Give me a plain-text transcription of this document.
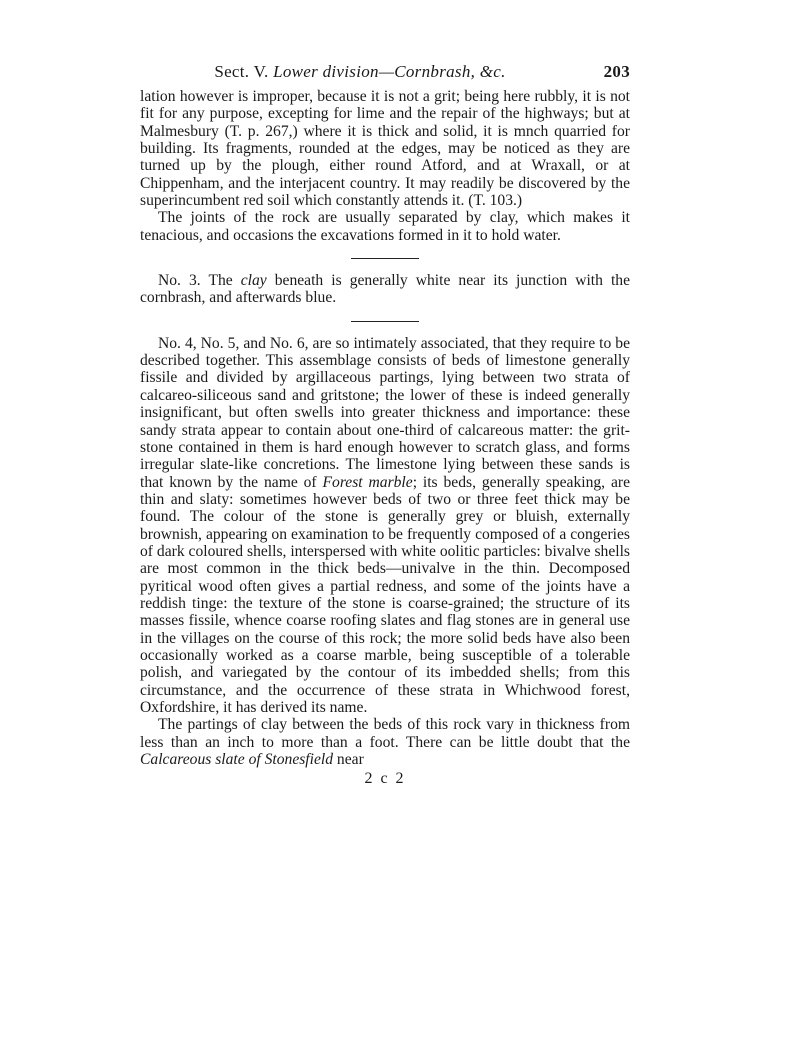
Sect. V. Lower division—Cornbrash, &c.	203

lation however is improper, because it is not a grit; being here rubbly, it is not fit for any purpose, excepting for lime and the repair of the highways; but at Malmesbury (T. p. 267,) where it is thick and solid, it is mnch quarried for building. Its fragments, rounded at the edges, may be noticed as they are turned up by the plough, either round Atford, and at Wraxall, or at Chippenham, and the interjacent country. It may readily be discovered by the superincumbent red soil which constantly attends it. (T. 103.)

The joints of the rock are usually separated by clay, which makes it tenacious, and occasions the excavations formed in it to hold water.

No. 3. The clay beneath is generally white near its junction with the cornbrash, and afterwards blue.

No. 4, No. 5, and No. 6, are so intimately associated, that they require to be described together. This assemblage consists of beds of limestone generally fissile and divided by argillaceous partings, lying between two strata of calcareo-siliceous sand and gritstone; the lower of these is indeed generally insignificant, but often swells into greater thickness and importance: these sandy strata appear to contain about one-third of calcareous matter: the grit-stone contained in them is hard enough however to scratch glass, and forms irregular slate-like concretions. The limestone lying between these sands is that known by the name of Forest marble; its beds, generally speaking, are thin and slaty: sometimes however beds of two or three feet thick may be found. The colour of the stone is generally grey or bluish, externally brownish, appearing on examination to be frequently composed of a congeries of dark coloured shells, interspersed with white oolitic particles: bivalve shells are most common in the thick beds—univalve in the thin. Decomposed pyritical wood often gives a partial redness, and some of the joints have a reddish tinge: the texture of the stone is coarse-grained; the structure of its masses fissile, whence coarse roofing slates and flag stones are in general use in the villages on the course of this rock; the more solid beds have also been occasionally worked as a coarse marble, being susceptible of a tolerable polish, and variegated by the contour of its imbedded shells; from this circumstance, and the occurrence of these strata in Whichwood forest, Oxfordshire, it has derived its name.

The partings of clay between the beds of this rock vary in thickness from less than an inch to more than a foot. There can be little doubt that the Calcareous slate of Stonesfield near

2 c 2
